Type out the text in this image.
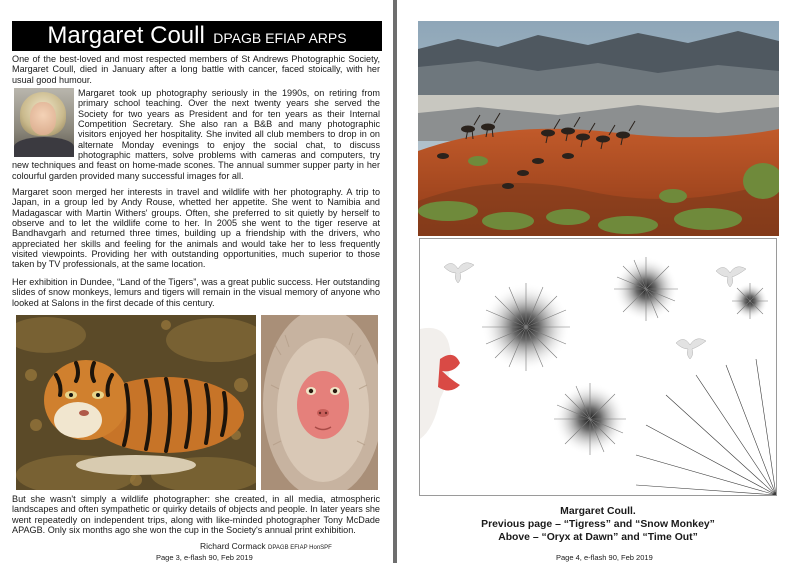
Margaret Coull DPAGB EFIAP ARPS

One of the best-loved and most respected members of St Andrews Photographic Society, Margaret Coull, died in January after a long battle with cancer, faced stoically, with her usual good humour.

Margaret took up photography seriously in the 1990s, on retiring from primary school teaching. Over the next twenty years she served the Society for two years as President and for ten years as their Internal Competition Secretary. She also ran a B&B and many photographic visitors enjoyed her hospitality. She invited all club members to drop in on alternate Monday evenings to enjoy the social chat, to discuss photographic matters, solve problems with cameras and computers, try new techniques and feast on home-made scones. The annual summer supper party in her colourful garden provided many successful images for all.

Margaret soon merged her interests in travel and wildlife with her photography. A trip to Japan, in a group led by Andy Rouse, whetted her appetite. She went to Namibia and Madagascar with Martin Withers' groups. Often, she preferred to sit quietly by herself to observe and to let the wildlife come to her. In 2005 she went to the tiger reserve at Bandhavgarh and returned three times, building up a friendship with the drivers, who appreciated her skills and feeling for the animals and would take her to less frequently visited viewpoints. Providing her with outstanding opportunities, much superior to those taken by TV professionals, at the same location.

Her exhibition in Dundee, “Land of the Tigers”, was a great public success. Her outstanding slides of snow monkeys, lemurs and tigers will remain in the visual memory of anyone who looked at Salons in the first decade of this century.

But she wasn't simply a wildlife photographer: she created, in all media, atmospheric landscapes and often sympathetic or quirky details of objects and people. In later years she went repeatedly on independent trips, along with like-minded photographer Tony McDade APAGB. Only six months ago she won the cup in the Society's annual print exhibition.

Richard Cormack DPAGB EFIAP HonSPF
Page 3, e-flash 90, Feb 2019

Margaret Coull.

Previous page – “Tigress” and “Snow Monkey”

Above – “Oryx at Dawn” and “Time Out”

Page 4, e-flash 90, Feb 2019
